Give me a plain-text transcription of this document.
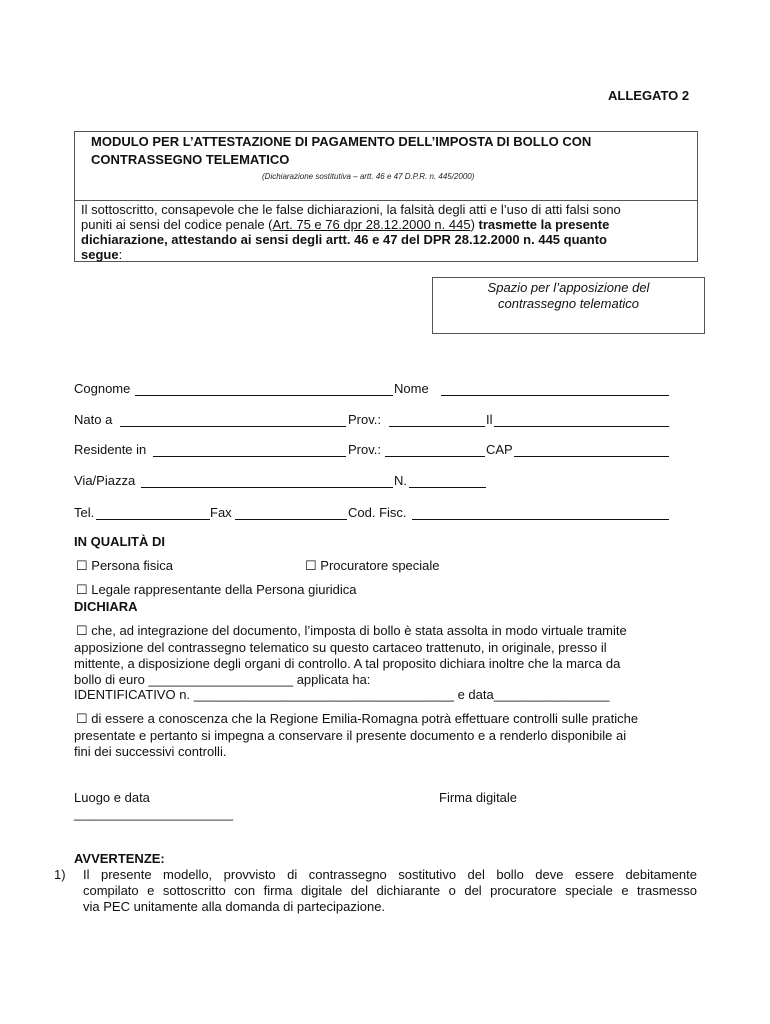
ALLEGATO 2
MODULO PER L’ATTESTAZIONE DI PAGAMENTO DELL’IMPOSTA DI BOLLO CON
CONTRASSEGNO TELEMATICO
(Dichiarazione sostitutiva – artt. 46 e 47 D.P.R. n. 445/2000)
Il sottoscritto, consapevole che le false dichiarazioni, la falsità degli atti e l’uso di atti falsi sono
puniti ai sensi del codice penale (Art. 75 e 76 dpr 28.12.2000 n. 445) trasmette la presente
dichiarazione, attestando ai sensi degli artt. 46 e 47 del DPR 28.12.2000 n. 445 quanto
segue:
Spazio per l’apposizione del
contrassegno telematico
Cognome	Nome
Nato a	Prov.:	Il
Residente in	Prov.:	CAP
Via/Piazza	N.
Tel.	Fax	Cod. Fisc.
IN QUALITÀ DI
☐ Persona fisica	☐ Procuratore speciale
☐ Legale rappresentante della Persona giuridica
DICHIARA
☐ che, ad integrazione del documento, l’imposta di bollo è stata assolta in modo virtuale tramite
apposizione del contrassegno telematico su questo cartaceo trattenuto, in originale, presso il
mittente, a disposizione degli organi di controllo. A tal proposito dichiara inoltre che la marca da
bollo di euro ____________________ applicata ha:
IDENTIFICATIVO n. ____________________________________ e data________________
☐ di essere a conoscenza che la Regione Emilia-Romagna potrà effettuare controlli sulle pratiche
presentate e pertanto si impegna a conservare il presente documento e a renderlo disponibile ai
fini dei successivi controlli.
Luogo e data
______________________
Firma digitale
AVVERTENZE:
1) Il presente modello, provvisto di contrassegno sostitutivo del bollo deve essere debitamente
compilato e sottoscritto con firma digitale del dichiarante o del procuratore speciale e trasmesso
via PEC unitamente alla domanda di partecipazione.
